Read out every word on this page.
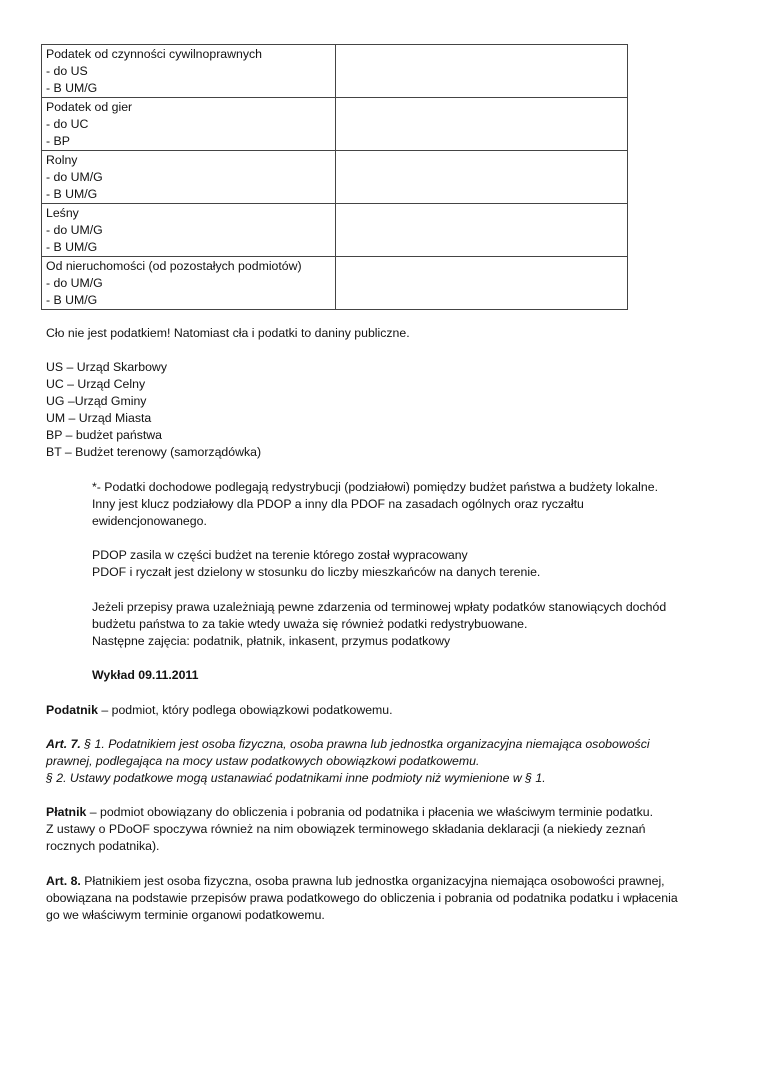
Podatek od czynności cywilnoprawnych
- do US
- B UM/G	

Podatek od gier
- do UC
- BP	

Rolny
- do UM/G
- B UM/G	

Leśny
- do UM/G
- B UM/G	

Od nieruchomości (od pozostałych podmiotów)
- do UM/G
- B UM/G	

Cło nie jest podatkiem! Natomiast cła i podatki to daniny publiczne.
US – Urząd Skarbowy
UC – Urząd Celny
UG –Urząd Gminy
UM – Urząd Miasta
BP – budżet państwa
BT – Budżet terenowy (samorządówka)
*- Podatki dochodowe podlegają redystrybucji (podziałowi) pomiędzy budżet państwa a budżety lokalne.
Inny jest klucz podziałowy dla PDOP a inny dla PDOF na zasadach ogólnych oraz ryczałtu
ewidencjonowanego.
PDOP zasila w części budżet na terenie którego został wypracowany
PDOF i ryczałt jest dzielony w stosunku do liczby mieszkańców na danych terenie.
Jeżeli przepisy prawa uzależniają pewne zdarzenia od terminowej wpłaty podatków stanowiących dochód
budżetu państwa to za takie wtedy uważa się również podatki redystrybuowane.
Następne zajęcia: podatnik, płatnik, inkasent, przymus podatkowy
Wykład 09.11.2011
Podatnik – podmiot, który podlega obowiązkowi podatkowemu.
Art. 7. § 1. Podatnikiem jest osoba fizyczna, osoba prawna lub jednostka organizacyjna niemająca osobowości
prawnej, podlegająca na mocy ustaw podatkowych obowiązkowi podatkowemu.
§ 2. Ustawy podatkowe mogą ustanawiać podatnikami inne podmioty niż wymienione w § 1.
Płatnik – podmiot obowiązany do obliczenia i pobrania od podatnika i płacenia we właściwym terminie podatku.
Z ustawy o PDoOF spoczywa również na nim obowiązek terminowego składania deklaracji (a niekiedy zeznań
rocznych podatnika).
Art. 8. Płatnikiem jest osoba fizyczna, osoba prawna lub jednostka organizacyjna niemająca osobowości prawnej,
obowiązana na podstawie przepisów prawa podatkowego do obliczenia i pobrania od podatnika podatku i wpłacenia
go we właściwym terminie organowi podatkowemu.
